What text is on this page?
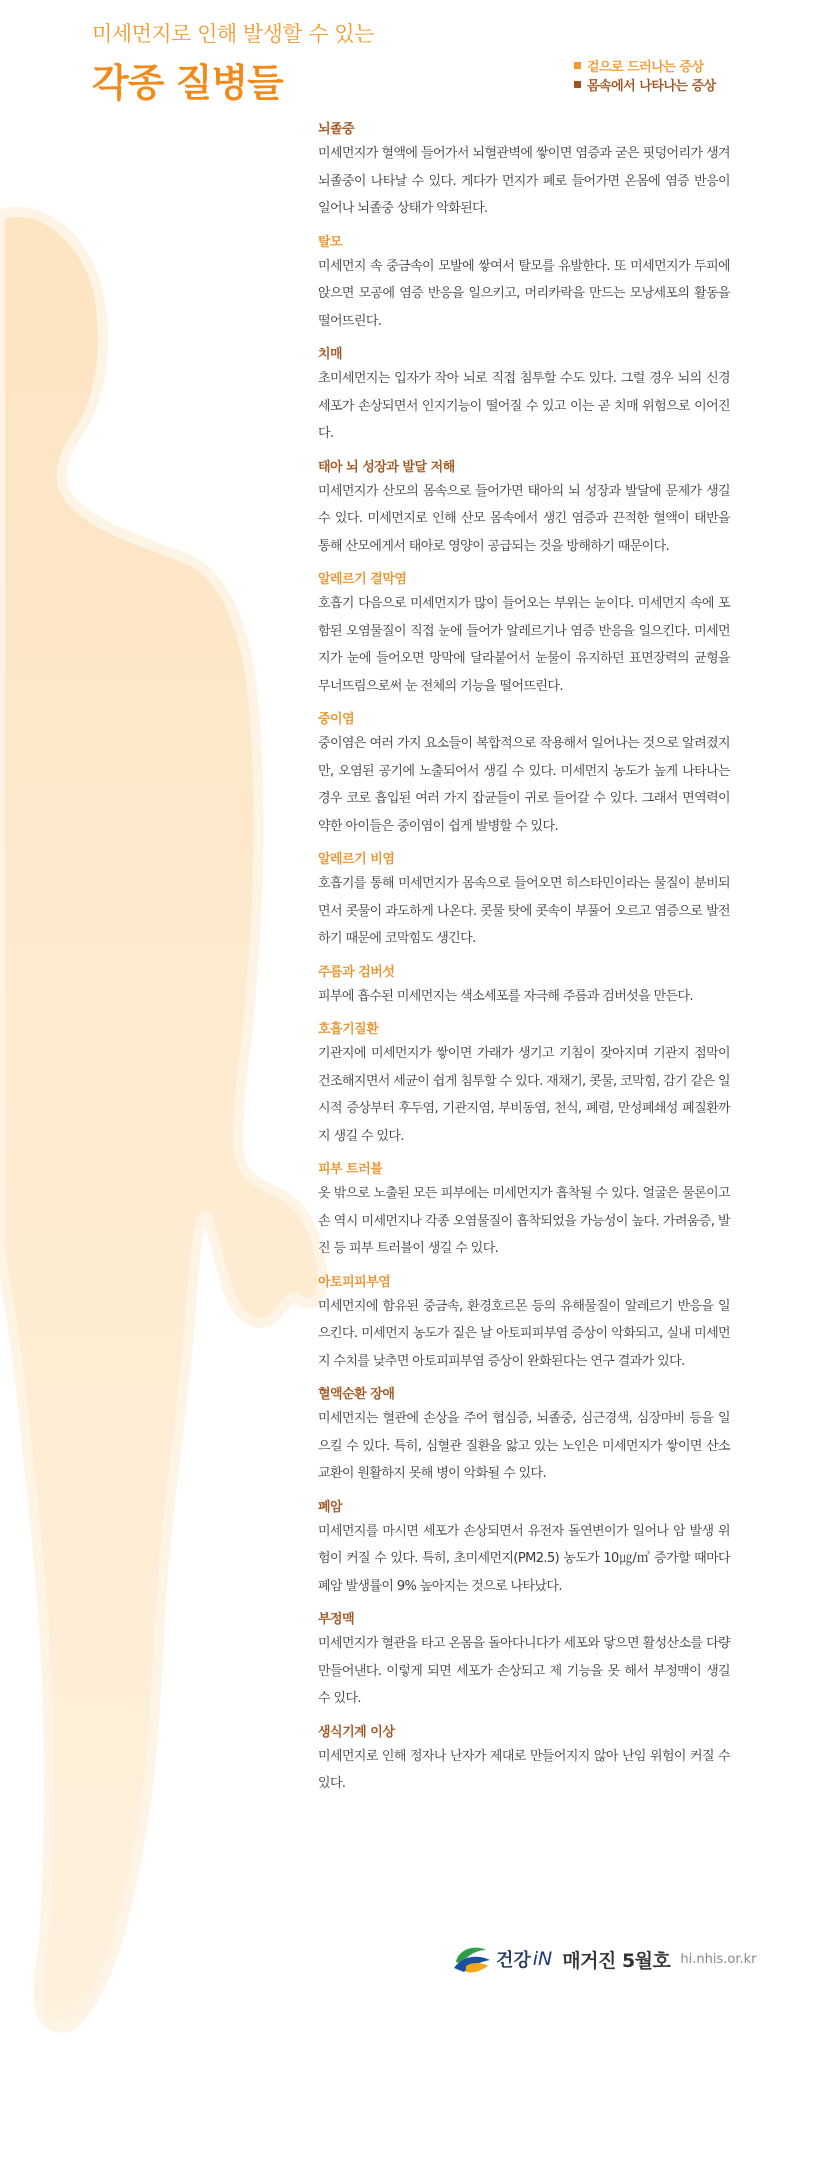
미세먼지로 인해 발생할 수 있는

각종 질병들	겉으로 드러나는 증상
몸속에서 나타나는 증상

뇌졸중

미세먼지가 혈액에 들어가서 뇌혈관벽에 쌓이면 염증과 굳은 핏덩어리가 생겨 뇌졸중이 나타날 수 있다. 게다가 먼지가 폐로 들어가면 온몸에 염증 반응이 일어나 뇌졸중 상태가 악화된다.

탈모

미세먼지 속 중금속이 모발에 쌓여서 탈모를 유발한다. 또 미세먼지가 두피에 앉으면 모공에 염증 반응을 일으키고, 머리카락을 만드는 모낭세포의 활동을 떨어뜨린다.

치매

초미세먼지는 입자가 작아 뇌로 직접 침투할 수도 있다. 그럴 경우 뇌의 신경세포가 손상되면서 인지기능이 떨어질 수 있고 이는 곧 치매 위험으로 이어진다.

태아 뇌 성장과 발달 저해

미세먼지가 산모의 몸속으로 들어가면 태아의 뇌 성장과 발달에 문제가 생길 수 있다. 미세먼지로 인해 산모 몸속에서 생긴 염증과 끈적한 혈액이 태반을 통해 산모에게서 태아로 영양이 공급되는 것을 방해하기 때문이다.

알레르기 결막염

호흡기 다음으로 미세먼지가 많이 들어오는 부위는 눈이다. 미세먼지 속에 포함된 오염물질이 직접 눈에 들어가 알레르기나 염증 반응을 일으킨다. 미세먼지가 눈에 들어오면 망막에 달라붙어서 눈물이 유지하던 표면장력의 균형을 무너뜨림으로써 눈 전체의 기능을 떨어뜨린다.

중이염

중이염은 여러 가지 요소들이 복합적으로 작용해서 일어나는 것으로 알려졌지만, 오염된 공기에 노출되어서 생길 수 있다. 미세먼지 농도가 높게 나타나는 경우 코로 흡입된 여러 가지 잡균들이 귀로 들어갈 수 있다. 그래서 면역력이 약한 아이들은 중이염이 쉽게 발병할 수 있다.

알레르기 비염

호흡기를 통해 미세먼지가 몸속으로 들어오면 히스타민이라는 물질이 분비되면서 콧물이 과도하게 나온다. 콧물 탓에 콧속이 부풀어 오르고 염증으로 발전하기 때문에 코막힘도 생긴다.

주름과 검버섯

피부에 흡수된 미세먼지는 색소세포를 자극해 주름과 검버섯을 만든다.

호흡기질환

기관지에 미세먼지가 쌓이면 가래가 생기고 기침이 잦아지며 기관지 점막이 건조해지면서 세균이 쉽게 침투할 수 있다. 재채기, 콧물, 코막힘, 감기 같은 일시적 증상부터 후두염, 기관지염, 부비동염, 천식, 폐렴, 만성폐쇄성 폐질환까지 생길 수 있다.

피부 트러블

옷 밖으로 노출된 모든 피부에는 미세먼지가 흡착될 수 있다. 얼굴은 물론이고 손 역시 미세먼지나 각종 오염물질이 흡착되었을 가능성이 높다. 가려움증, 발진 등 피부 트러블이 생길 수 있다.

아토피피부염

미세먼지에 함유된 중금속, 환경호르몬 등의 유해물질이 알레르기 반응을 일으킨다. 미세먼지 농도가 짙은 날 아토피피부염 증상이 악화되고, 실내 미세먼지 수치를 낮추면 아토피피부염 증상이 완화된다는 연구 결과가 있다.

혈액순환 장애

미세먼지는 혈관에 손상을 주어 협심증, 뇌졸중, 심근경색, 심장마비 등을 일으킬 수 있다. 특히, 심혈관 질환을 앓고 있는 노인은 미세먼지가 쌓이면 산소 교환이 원활하지 못해 병이 악화될 수 있다.

폐암

미세먼지를 마시면 세포가 손상되면서 유전자 돌연변이가 일어나 암 발생 위험이 커질 수 있다. 특히, 초미세먼지(PM2.5) 농도가 10㎍/㎥ 증가할 때마다 폐암 발생률이 9% 높아지는 것으로 나타났다.

부정맥

미세먼지가 혈관을 타고 온몸을 돌아다니다가 세포와 닿으면 활성산소를 다량 만들어낸다. 이렇게 되면 세포가 손상되고 제 기능을 못 해서 부정맥이 생길 수 있다.

생식기계 이상

미세먼지로 인해 정자나 난자가 제대로 만들어지지 않아 난임 위험이 커질 수 있다.

건강 iN 매거진 5월호 hi.nhis.or.kr
